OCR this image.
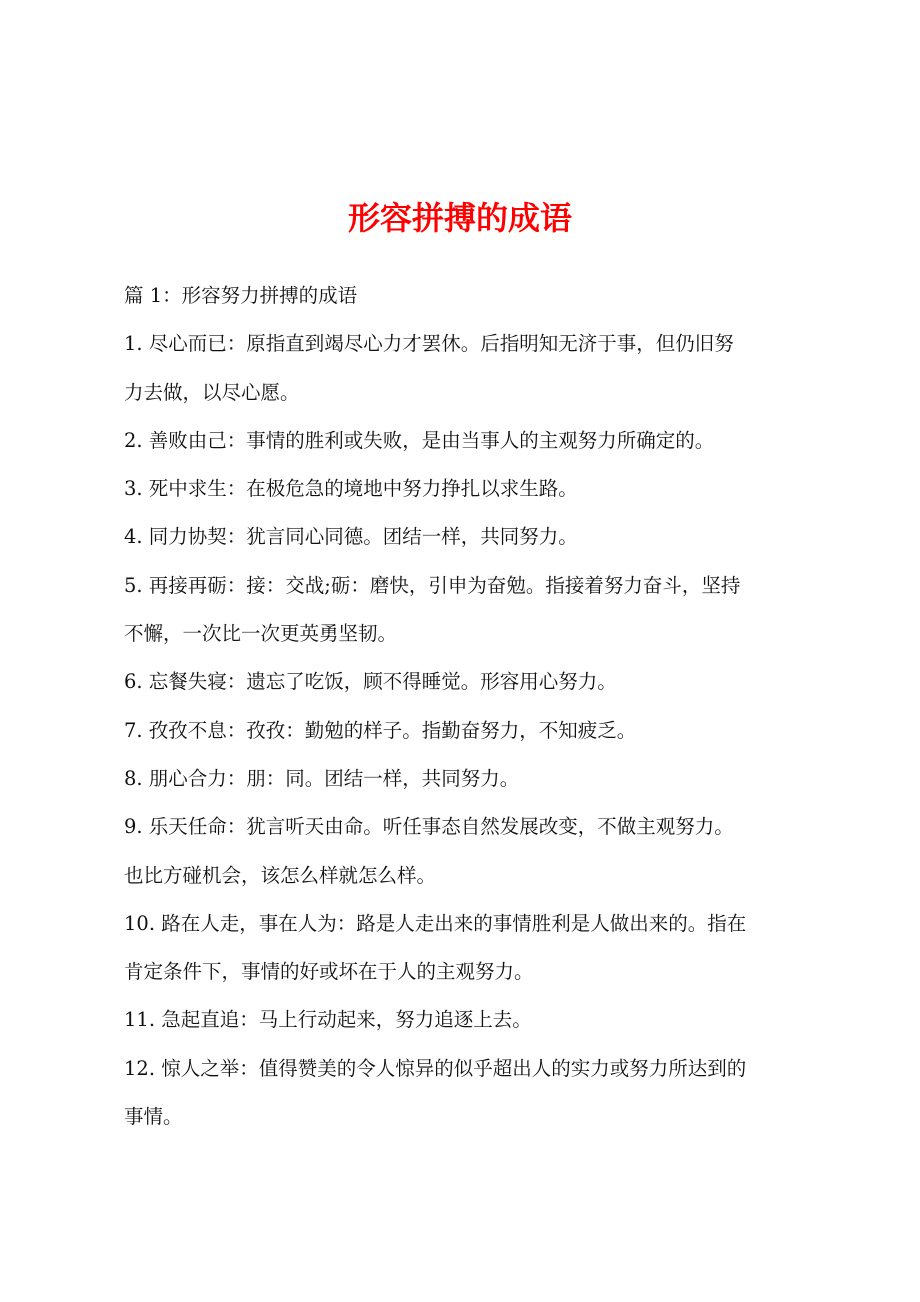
形容拼搏的成语
篇 1：形容努力拼搏的成语
1. 尽心而已：原指直到竭尽心力才罢休。后指明知无济于事，但仍旧努
力去做，以尽心愿。
2. 善败由己：事情的胜利或失败，是由当事人的主观努力所确定的。
3. 死中求生：在极危急的境地中努力挣扎以求生路。
4. 同力协契：犹言同心同德。团结一样，共同努力。
5. 再接再砺：接：交战;砺：磨快，引申为奋勉。指接着努力奋斗，坚持
不懈，一次比一次更英勇坚韧。
6. 忘餐失寝：遗忘了吃饭，顾不得睡觉。形容用心努力。
7. 孜孜不息：孜孜：勤勉的样子。指勤奋努力，不知疲乏。
8. 朋心合力：朋：同。团结一样，共同努力。
9. 乐天任命：犹言听天由命。听任事态自然发展改变，不做主观努力。
也比方碰机会，该怎么样就怎么样。
10. 路在人走，事在人为：路是人走出来的事情胜利是人做出来的。指在
肯定条件下，事情的好或坏在于人的主观努力。
11. 急起直追：马上行动起来，努力追逐上去。
12. 惊人之举：值得赞美的令人惊异的似乎超出人的实力或努力所达到的
事情。
